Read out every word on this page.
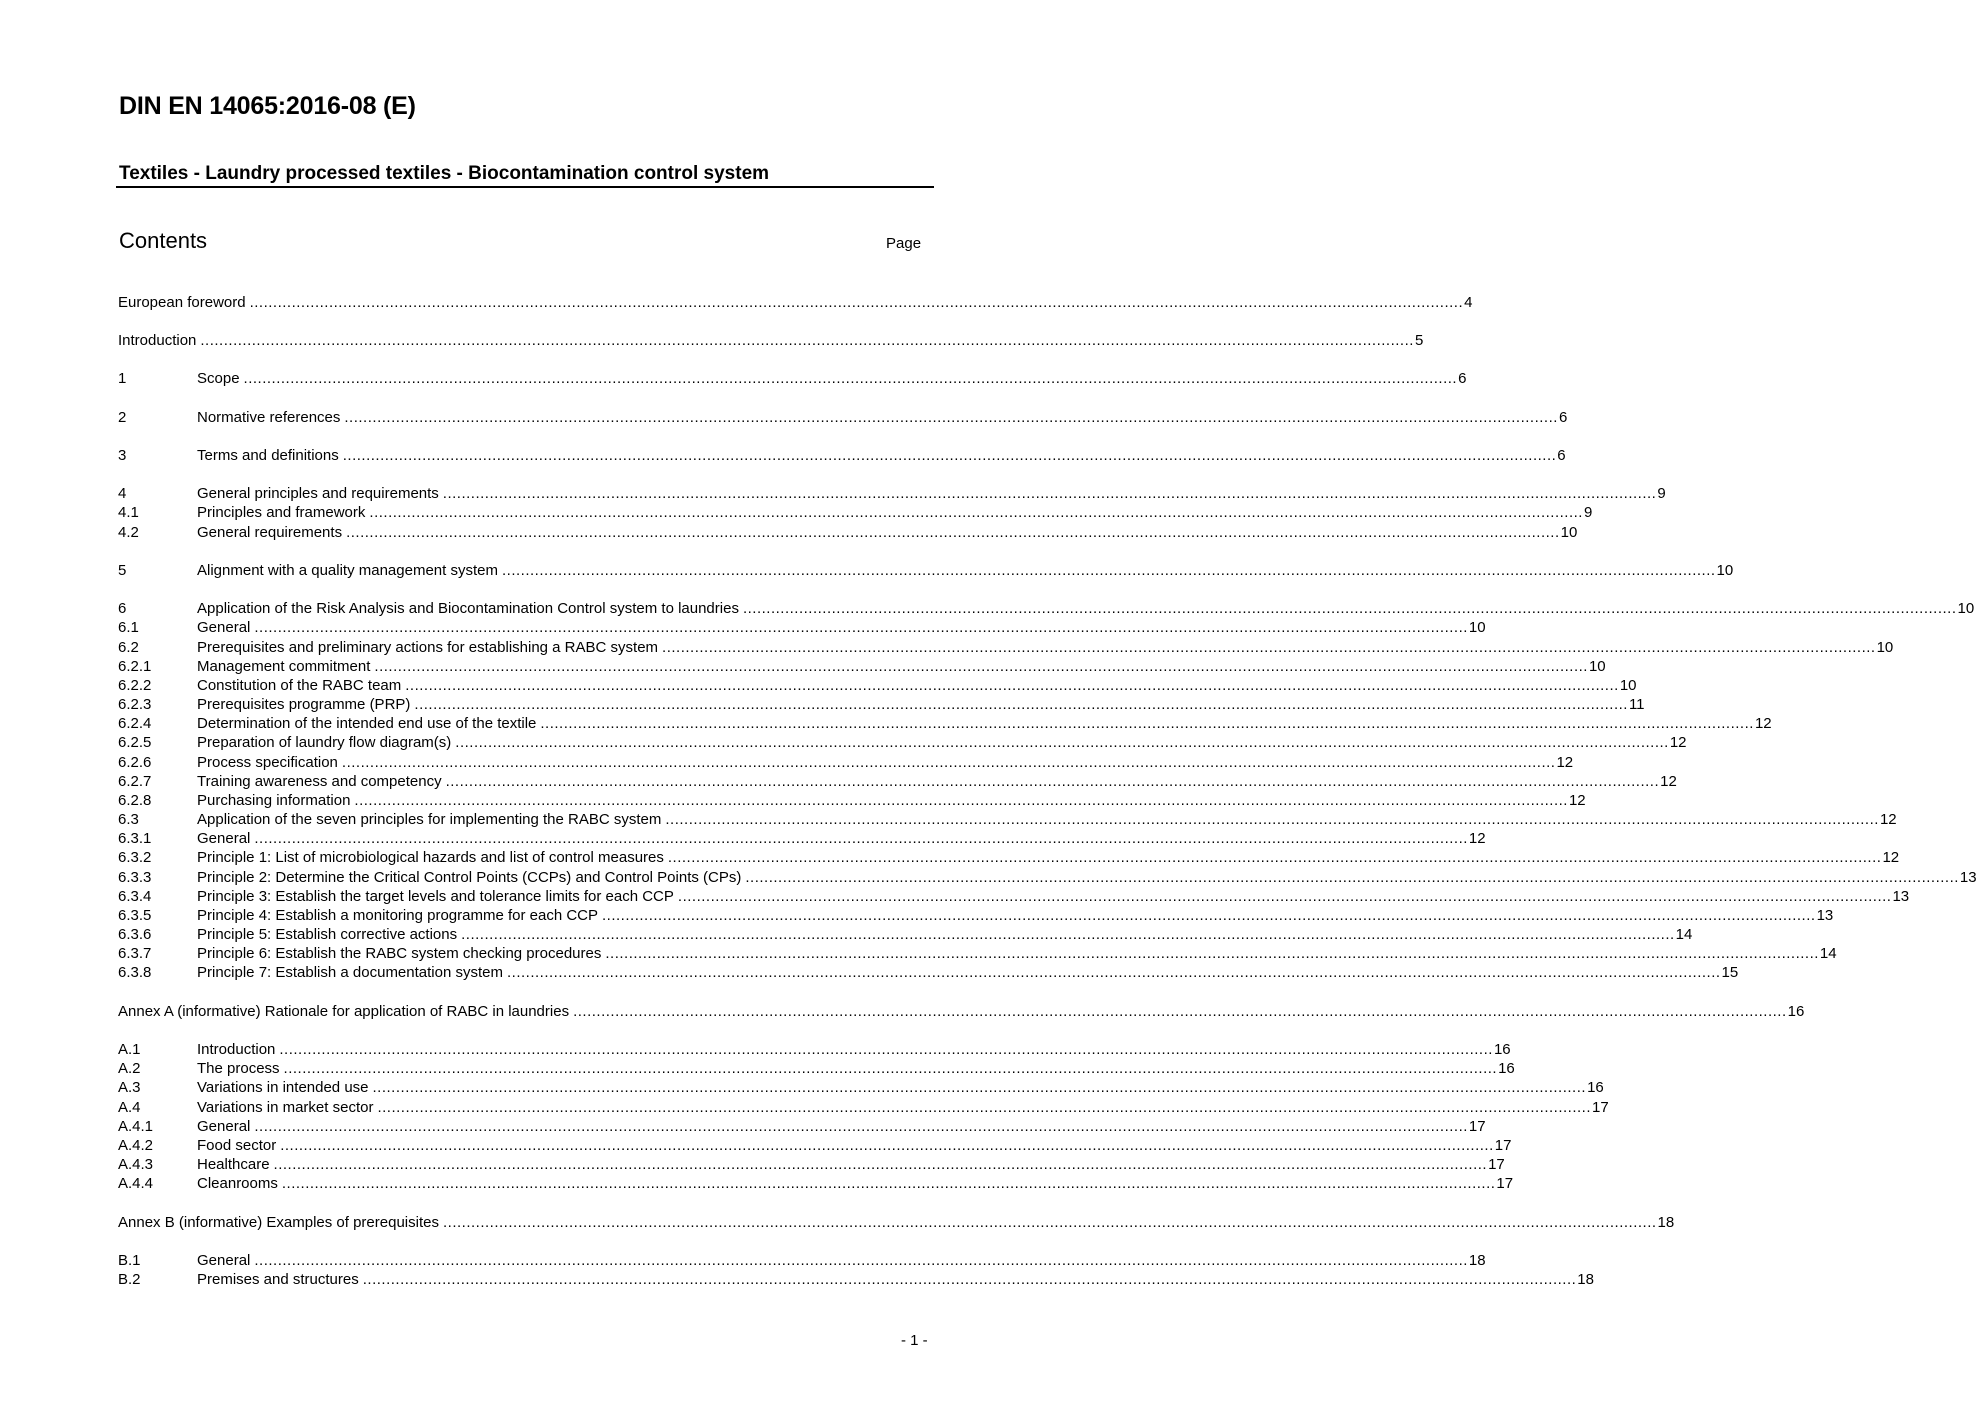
DIN EN 14065:2016-08 (E)
Textiles - Laundry processed textiles - Biocontamination control system
Contents	Page
European foreword .................................................................................................................................................................................................................................................................... 4
Introduction .................................................................................................................................................................................................................................................................... 5
1	Scope .................................................................................................................................................................................................................................................................... 6
2	Normative references .................................................................................................................................................................................................................................................................... 6
3	Terms and definitions .................................................................................................................................................................................................................................................................... 6
4	General principles and requirements .................................................................................................................................................................................................................................................................... 9
4.1	Principles and framework .................................................................................................................................................................................................................................................................... 9
4.2	General requirements .................................................................................................................................................................................................................................................................... 10
5	Alignment with a quality management system .................................................................................................................................................................................................................................................................... 10
6	Application of the Risk Analysis and Biocontamination Control system to laundries .................................................................................................................................................................................................................................................................... 10
6.1	General .................................................................................................................................................................................................................................................................... 10
6.2	Prerequisites and preliminary actions for establishing a RABC system .................................................................................................................................................................................................................................................................... 10
6.2.1	Management commitment .................................................................................................................................................................................................................................................................... 10
6.2.2	Constitution of the RABC team .................................................................................................................................................................................................................................................................... 10
6.2.3	Prerequisites programme (PRP) .................................................................................................................................................................................................................................................................... 11
6.2.4	Determination of the intended end use of the textile .................................................................................................................................................................................................................................................................... 12
6.2.5	Preparation of laundry flow diagram(s) .................................................................................................................................................................................................................................................................... 12
6.2.6	Process specification .................................................................................................................................................................................................................................................................... 12
6.2.7	Training awareness and competency .................................................................................................................................................................................................................................................................... 12
6.2.8	Purchasing information .................................................................................................................................................................................................................................................................... 12
6.3	Application of the seven principles for implementing the RABC system .................................................................................................................................................................................................................................................................... 12
6.3.1	General .................................................................................................................................................................................................................................................................... 12
6.3.2	Principle 1: List of microbiological hazards and list of control measures .................................................................................................................................................................................................................................................................... 12
6.3.3	Principle 2: Determine the Critical Control Points (CCPs) and Control Points (CPs) .................................................................................................................................................................................................................................................................... 13
6.3.4	Principle 3: Establish the target levels and tolerance limits for each CCP .................................................................................................................................................................................................................................................................... 13
6.3.5	Principle 4: Establish a monitoring programme for each CCP .................................................................................................................................................................................................................................................................... 13
6.3.6	Principle 5: Establish corrective actions .................................................................................................................................................................................................................................................................... 14
6.3.7	Principle 6: Establish the RABC system checking procedures .................................................................................................................................................................................................................................................................... 14
6.3.8	Principle 7: Establish a documentation system .................................................................................................................................................................................................................................................................... 15
Annex A (informative) Rationale for application of RABC in laundries .................................................................................................................................................................................................................................................................... 16
A.1	Introduction .................................................................................................................................................................................................................................................................... 16
A.2	The process .................................................................................................................................................................................................................................................................... 16
A.3	Variations in intended use .................................................................................................................................................................................................................................................................... 16
A.4	Variations in market sector .................................................................................................................................................................................................................................................................... 17
A.4.1	General .................................................................................................................................................................................................................................................................... 17
A.4.2	Food sector .................................................................................................................................................................................................................................................................... 17
A.4.3	Healthcare .................................................................................................................................................................................................................................................................... 17
A.4.4	Cleanrooms .................................................................................................................................................................................................................................................................... 17
Annex B (informative) Examples of prerequisites .................................................................................................................................................................................................................................................................... 18
B.1	General .................................................................................................................................................................................................................................................................... 18
B.2	Premises and structures .................................................................................................................................................................................................................................................................... 18
- 1 -
